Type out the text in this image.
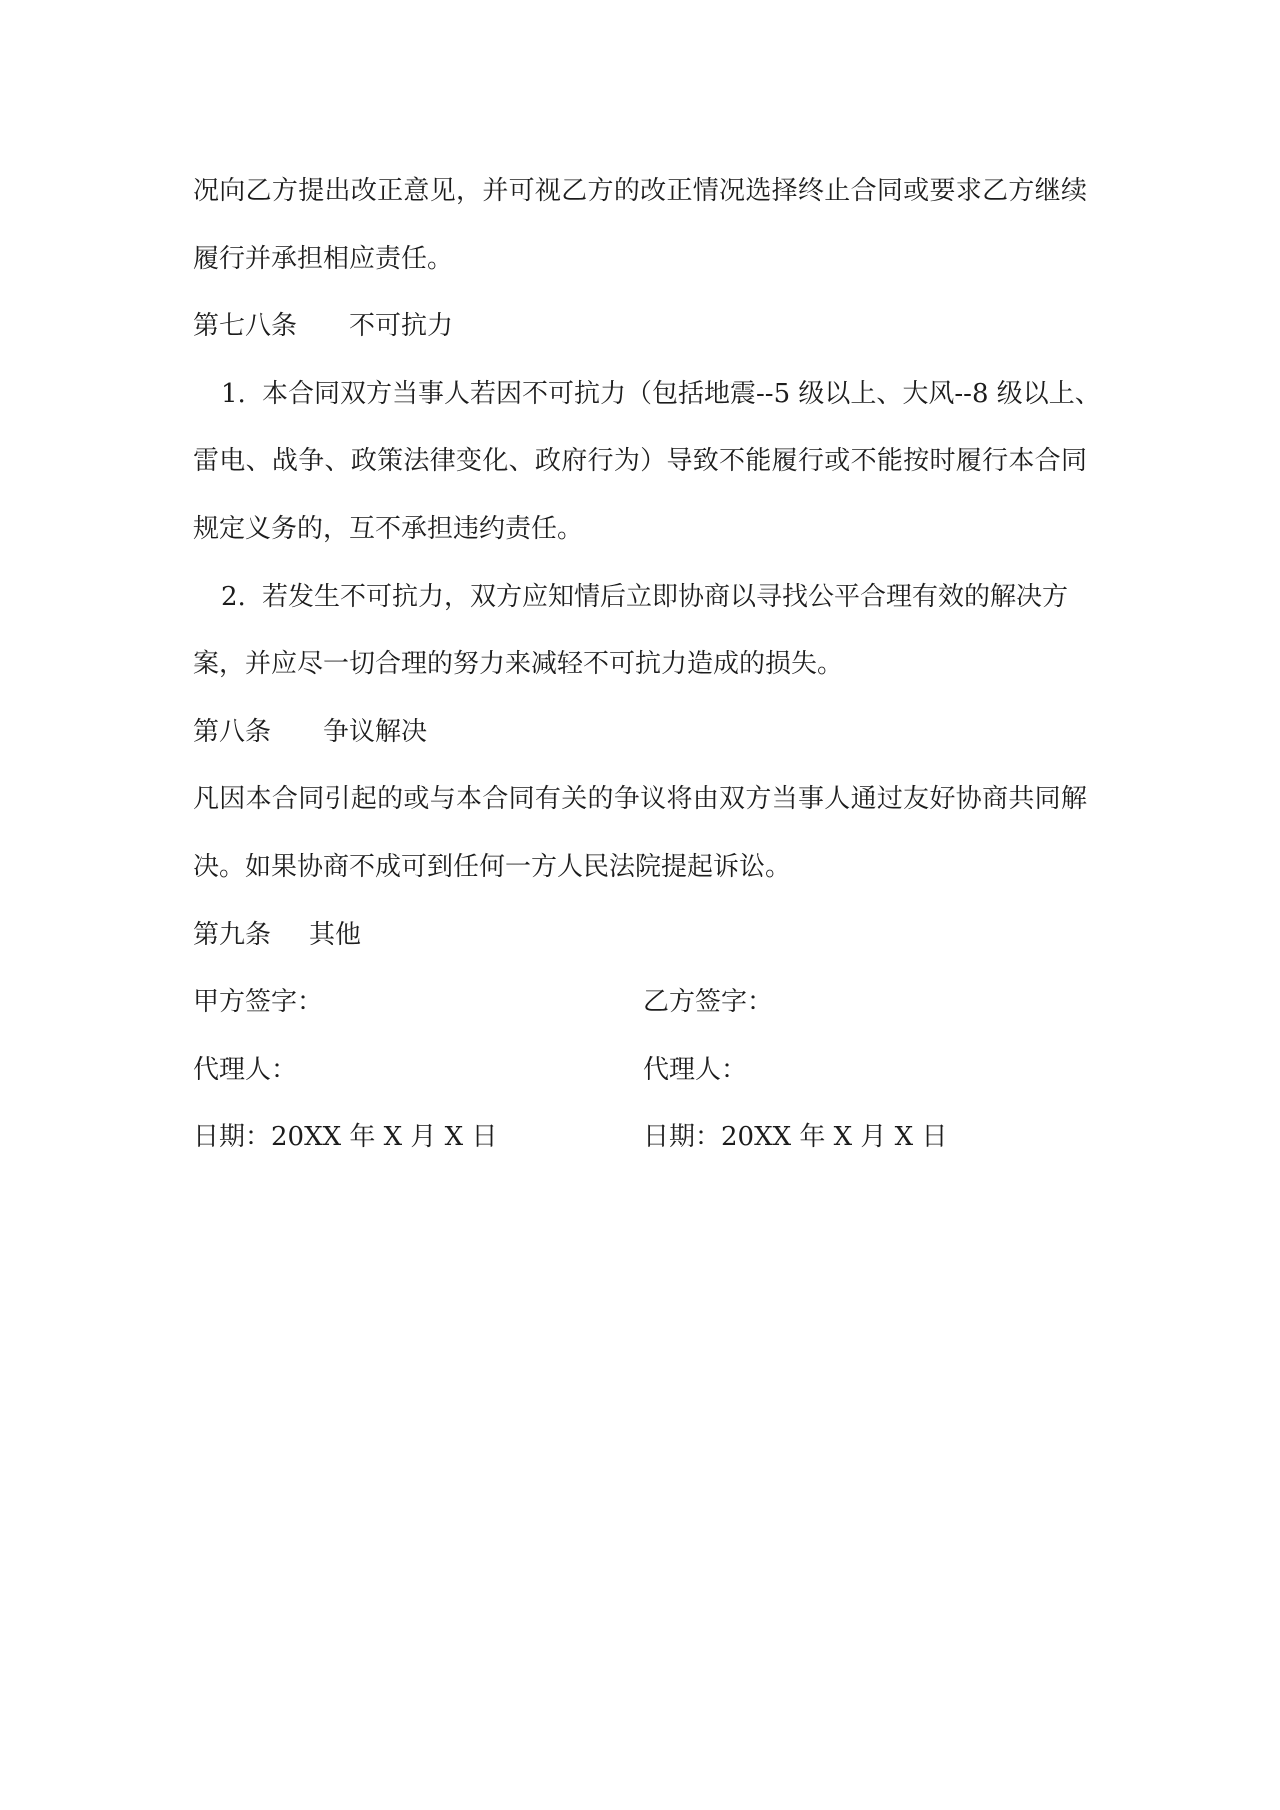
况向乙方提出改正意见，并可视乙方的改正情况选择终止合同或要求乙方继续
履行并承担相应责任。
第七八条 不可抗力
1. 本合同双方当事人若因不可抗力（包括地震--5 级以上、大风--8 级以上、
雷电、战争、政策法律变化、政府行为）导致不能履行或不能按时履行本合同
规定义务的，互不承担违约责任。
2. 若发生不可抗力，双方应知情后立即协商以寻找公平合理有效的解决方
案，并应尽一切合理的努力来减轻不可抗力造成的损失。
第八条 争议解决
凡因本合同引起的或与本合同有关的争议将由双方当事人通过友好协商共同解
决。如果协商不成可到任何一方人民法院提起诉讼。
第九条 其他
甲方签字：	乙方签字：
代理人：	代理人：
日期：20XX 年 X 月 X 日	日期：20XX 年 X 月 X 日
